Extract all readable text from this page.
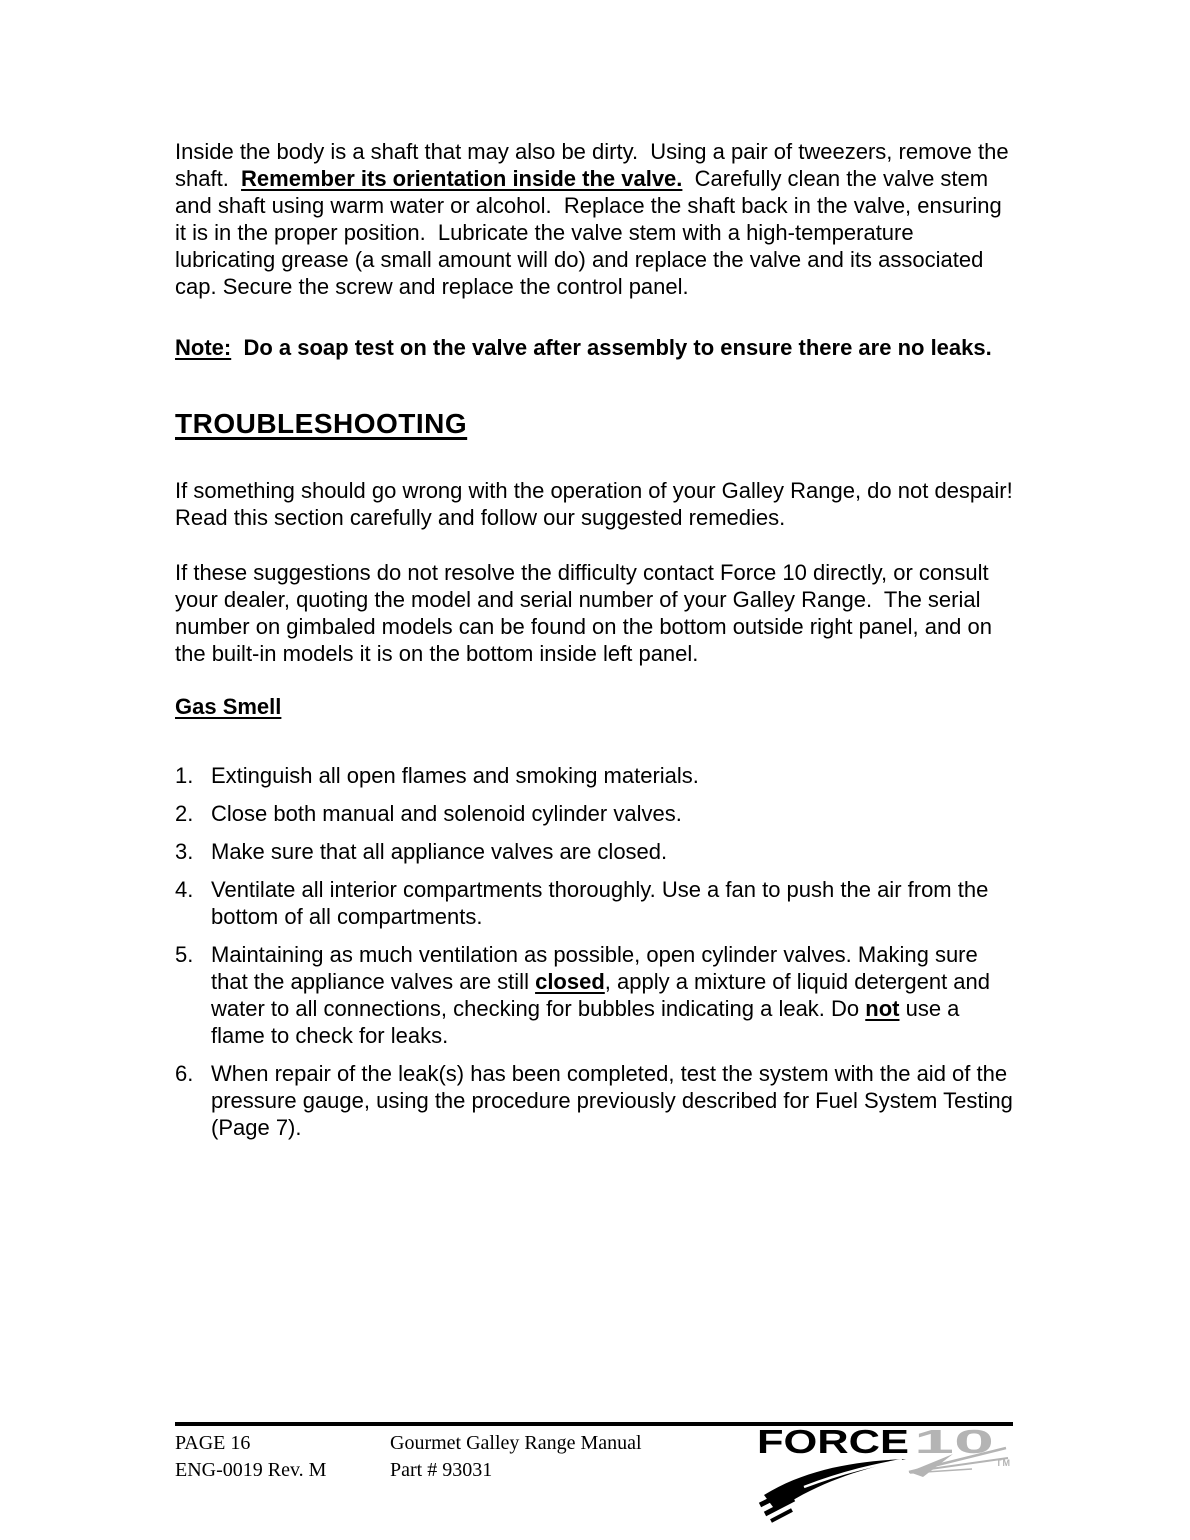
Inside the body is a shaft that may also be dirty.  Using a pair of tweezers, remove the shaft.  Remember its orientation inside the valve.  Carefully clean the valve stem and shaft using warm water or alcohol.  Replace the shaft back in the valve, ensuring it is in the proper position.  Lubricate the valve stem with a high-temperature lubricating grease (a small amount will do) and replace the valve and its associated cap. Secure the screw and replace the control panel.

Note:  Do a soap test on the valve after assembly to ensure there are no leaks.

TROUBLESHOOTING

If something should go wrong with the operation of your Galley Range, do not despair! Read this section carefully and follow our suggested remedies.

If these suggestions do not resolve the difficulty contact Force 10 directly, or consult your dealer, quoting the model and serial number of your Galley Range.  The serial number on gimbaled models can be found on the bottom outside right panel, and on the built-in models it is on the bottom inside left panel.

Gas Smell
1. Extinguish all open flames and smoking materials.
2. Close both manual and solenoid cylinder valves.
3. Make sure that all appliance valves are closed.
4. Ventilate all interior compartments thoroughly. Use a fan to push the air from the bottom of all compartments.
5. Maintaining as much ventilation as possible, open cylinder valves. Making sure that the appliance valves are still closed, apply a mixture of liquid detergent and water to all connections, checking for bubbles indicating a leak. Do not use a flame to check for leaks.
6. When repair of the leak(s) has been completed, test the system with the aid of the pressure gauge, using the procedure previously described for Fuel System Testing (Page 7).
PAGE 16
ENG-0019 Rev. M
Gourmet Galley Range Manual
Part # 93031
FORCE 10
TM
